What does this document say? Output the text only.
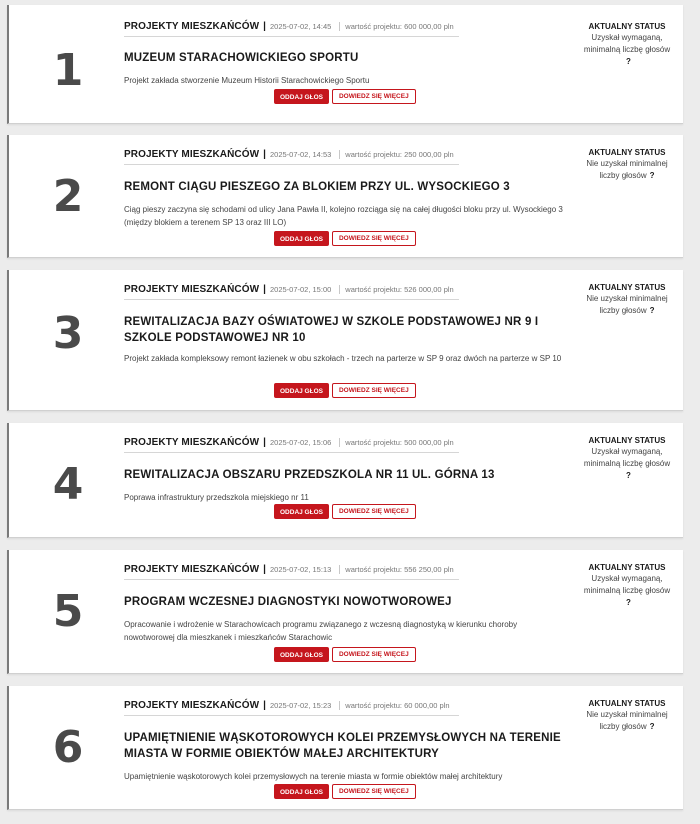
1
PROJEKTY MIESZKAŃCÓW | 2025-07-02, 14:45 wartość projektu: 600 000,00 pln
MUZEUM STARACHOWICKIEGO SPORTU
Projekt zakłada stworzenie Muzeum Historii Starachowickiego Sportu
ODDAJ GŁOS	DOWIEDZ SIĘ WIĘCEJ
AKTUALNY STATUS
Uzyskał wymaganą, minimalną liczbę głosów
?
2
PROJEKTY MIESZKAŃCÓW | 2025-07-02, 14:53 wartość projektu: 250 000,00 pln
REMONT CIĄGU PIESZEGO ZA BLOKIEM PRZY UL. WYSOCKIEGO 3
Ciąg pieszy zaczyna się schodami od ulicy Jana Pawła II, kolejno rozciąga się na całej długości bloku przy ul. Wysockiego 3 (między blokiem a terenem SP 13 oraz III LO)
ODDAJ GŁOS	DOWIEDZ SIĘ WIĘCEJ
AKTUALNY STATUS
Nie uzyskał minimalnej liczby głosów ?
3
PROJEKTY MIESZKAŃCÓW | 2025-07-02, 15:00 wartość projektu: 526 000,00 pln
REWITALIZACJA BAZY OŚWIATOWEJ W SZKOLE PODSTAWOWEJ NR 9 I SZKOLE PODSTAWOWEJ NR 10
Projekt zakłada kompleksowy remont łazienek w obu szkołach - trzech na parterze w SP 9 oraz dwóch na parterze w SP 10
ODDAJ GŁOS	DOWIEDZ SIĘ WIĘCEJ
AKTUALNY STATUS
Nie uzyskał minimalnej liczby głosów ?
4
PROJEKTY MIESZKAŃCÓW | 2025-07-02, 15:06 wartość projektu: 500 000,00 pln
REWITALIZACJA OBSZARU PRZEDSZKOLA NR 11 UL. GÓRNA 13
Poprawa infrastruktury przedszkola miejskiego nr 11
ODDAJ GŁOS	DOWIEDZ SIĘ WIĘCEJ
AKTUALNY STATUS
Uzyskał wymaganą, minimalną liczbę głosów
?
5
PROJEKTY MIESZKAŃCÓW | 2025-07-02, 15:13 wartość projektu: 556 250,00 pln
PROGRAM WCZESNEJ DIAGNOSTYKI NOWOTWOROWEJ
Opracowanie i wdrożenie w Starachowicach programu związanego z wczesną diagnostyką w kierunku choroby nowotworowej dla mieszkanek i mieszkańców Starachowic
ODDAJ GŁOS	DOWIEDZ SIĘ WIĘCEJ
AKTUALNY STATUS
Uzyskał wymaganą, minimalną liczbę głosów
?
6
PROJEKTY MIESZKAŃCÓW | 2025-07-02, 15:23 wartość projektu: 60 000,00 pln
UPAMIĘTNIENIE WĄSKOTOROWYCH KOLEI PRZEMYSŁOWYCH NA TERENIE MIASTA W FORMIE OBIEKTÓW MAŁEJ ARCHITEKTURY
Upamiętnienie wąskotorowych kolei przemysłowych na terenie miasta w formie obiektów małej architektury
ODDAJ GŁOS	DOWIEDZ SIĘ WIĘCEJ
AKTUALNY STATUS
Nie uzyskał minimalnej liczby głosów ?
